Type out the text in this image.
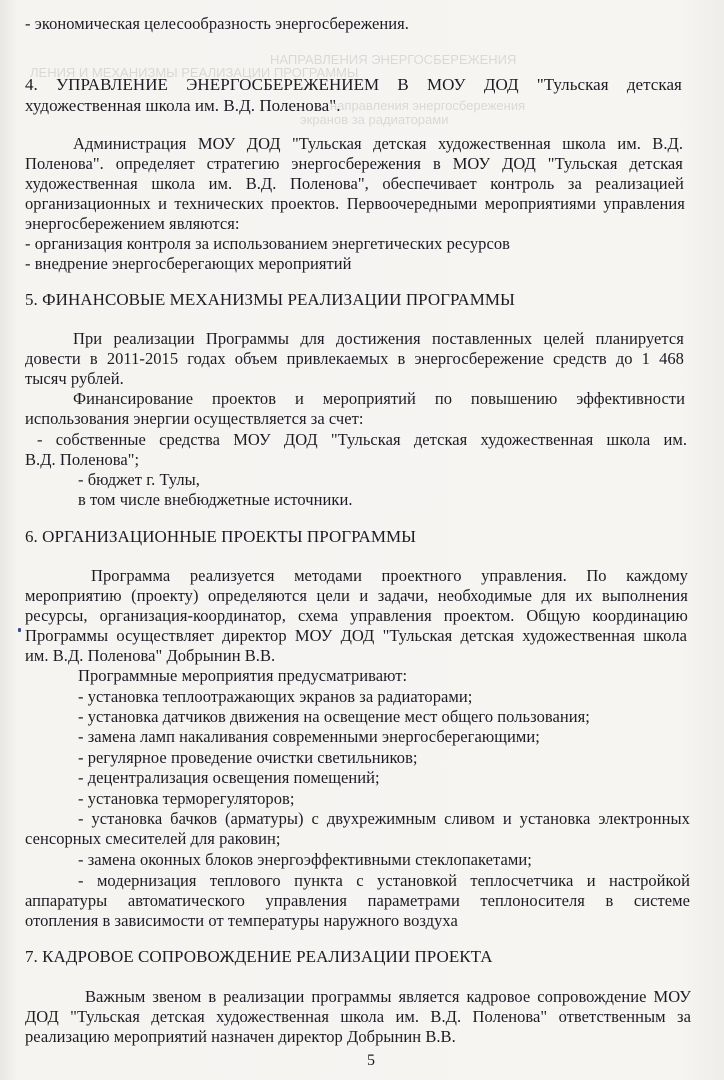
ЛЕНИЯ И МЕХАНИЗМЫ РЕАЛИЗАЦИИ ПРОГРАММЫ
НАПРАВЛЕНИЯ ЭНЕРГОСБЕРЕЖЕНИЯ
направления энергосбережения
экранов за радиаторами
- экономическая целесообразность энергосбережения.
4. УПРАВЛЕНИЕ ЭНЕРГОСБЕРЕЖЕНИЕМ В МОУ ДОД "Тульская детская
художественная школа им. В.Д. Поленова".
Администрация МОУ ДОД "Тульская детская художественная школа им. В.Д.
Поленова". определяет стратегию энергосбережения в МОУ ДОД "Тульская детская
художественная школа им. В.Д. Поленова", обеспечивает контроль за реализацией
организационных и технических проектов. Первоочередными мероприятиями управления
энергосбережением являются:
- организация контроля за использованием энергетических ресурсов
- внедрение энергосберегающих мероприятий
5. ФИНАНСОВЫЕ МЕХАНИЗМЫ РЕАЛИЗАЦИИ ПРОГРАММЫ
При реализации Программы для достижения поставленных целей планируется
довести в 2011-2015 годах объем привлекаемых в энергосбережение средств до 1 468
тысяч рублей.
Финансирование проектов и мероприятий по повышению эффективности
использования энергии осуществляется за счет:
- собственные средства МОУ ДОД "Тульская детская художественная школа им.
В.Д. Поленова";
- бюджет г. Тулы,
в том числе внебюджетные источники.
6. ОРГАНИЗАЦИОННЫЕ ПРОЕКТЫ ПРОГРАММЫ
Программа реализуется методами проектного управления. По каждому
мероприятию (проекту) определяются цели и задачи, необходимые для их выполнения
ресурсы, организация-координатор, схема управления проектом. Общую координацию
Программы осуществляет директор МОУ ДОД "Тульская детская художественная школа
им. В.Д. Поленова" Добрынин В.В.
Программные мероприятия предусматривают:
- установка теплоотражающих экранов за радиаторами;
- установка датчиков движения на освещение мест общего пользования;
- замена ламп накаливания современными энергосберегающими;
- регулярное проведение очистки светильников;
- децентрализация освещения помещений;
- установка терморегуляторов;
- установка бачков (арматуры) с двухрежимным сливом и установка электронных
сенсорных смесителей для раковин;
- замена оконных блоков энергоэффективными стеклопакетами;
- модернизация теплового пункта с установкой теплосчетчика и настройкой
аппаратуры автоматического управления параметрами теплоносителя в системе
отопления в зависимости от температуры наружного воздуха
7. КАДРОВОЕ СОПРОВОЖДЕНИЕ РЕАЛИЗАЦИИ ПРОЕКТА
Важным звеном в реализации программы является кадровое сопровождение МОУ
ДОД "Тульская детская художественная школа им. В.Д. Поленова" ответственным за
реализацию мероприятий назначен директор Добрынин В.В.
5
